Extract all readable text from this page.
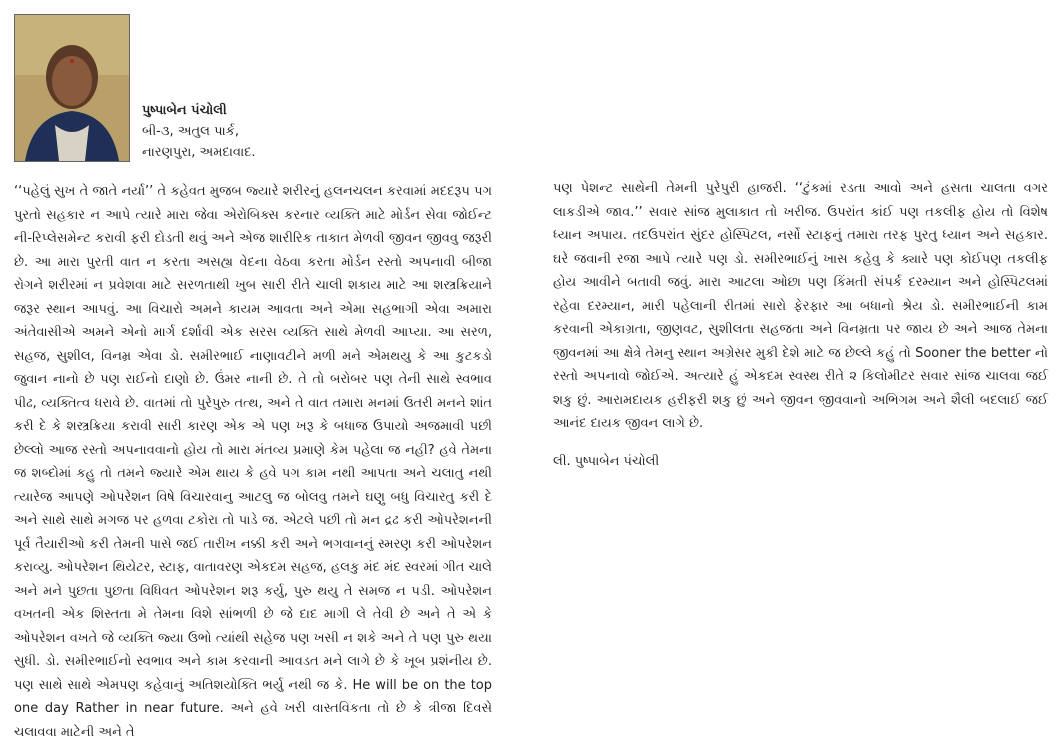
પુષ્પાબેન પંચોલી
બી-૩, અતુલ પાર્ક,
નારણપુરા, અમદાવાદ.

‘‘પહેલું સુખ તે જાતે નર્યા’’ તે કહેવત મુજબ જ્યારે શરીરનું હલનચલન કરવામાં મદદરૂપ પગ પુરતો સહકાર ન આપે ત્યારે મારા જેવા એરોબિક્સ કરનાર વ્યક્તિ માટે મોર્ડન સેવા જોઈન્ટ ની-રિપ્લેસમેન્ટ કરાવી ફરી દોડતી થવું અને એજ શારીરિક તાકાત મેળવી જીવન જીવવુ જરૂરી છે. આ મારા પુરતી વાત ન કરતા અસહ્ય વેદના વેઠવા કરતા મોર્ડન રસ્તો અપનાવી બીજા રોગને શરીરમાં ન પ્રવેશવા માટે સરળતાથી ખુબ સારી રીતે ચાલી શકાય માટે આ શસ્ત્રક્રિયાને જરૂર સ્થાન આપવું. આ વિચારો અમને કાયમ આવતા અને એમા સહભાગી એવા અમારા અંતેવાસીએ અમને એનો માર્ગ દર્શાવી એક સરસ વ્યક્તિ સાથે મેળવી આપ્યા. આ સરળ, સહજ, સુશીલ, વિનમ્ર એવા ડો. સમીરભાઈ નાણાવટીને મળી મને એમથયુ કે આ કુટકડો જુવાન નાનો છે પણ રાઈનો દાણો છે. ઉંમર નાની છે. તે તો બરોબર પણ તેની સાથે સ્વભાવ પીઢ, વ્યક્તિત્વ ધરાવે છે. વાતમાં તો પુરેપુરુ તત્થ, અને તે વાત તમારા મનમાં ઉતરી મનને શાંત કરી દે કે શસ્ત્રક્રિયા કરાવી સારી કારણ એક એ પણ ખરૂ કે બધાજ ઉપાયો અજમાવી પછી છેલ્લો આજ રસ્તો અપનાવવાનો હોય તો મારા મંતવ્ય પ્રમાણે કેમ પહેલા જ નહી? હવે તેમના જ શબ્દોમાં કહુ તો તમને જ્યારે એમ થાય કે હવે પગ કામ નથી આપતા અને ચલાતુ નથી ત્યારેજ આપણે ઓપરેશન વિષે વિચારવાનુ આટલુ જ બોલવુ તમને ઘણુ બધુ વિચારતુ કરી દે અને સાથે સાથે મગજ પર હળવા ટકોરા તો પાડે જ. એટલે પછી તો મન દ્રઢ કરી ઓપરેશનની પૂર્વ તૈયારીઓ કરી તેમની પાસે જઈ તારીખ નક્કી કરી અને ભગવાનનું સ્મરણ કરી ઓપરેશન કરાવ્યુ. ઓપરેશન થિયેટર, સ્ટાફ, વાતાવરણ એકદમ સહજ, હલકુ મંદ મંદ સ્વરમાં ગીત ચાલે અને મને પુછતા પુછતા વિધિવત ઓપરેશન શરૂ કર્યુ, પુરુ થયુ તે સમજ ન પડી. ઓપરેશન વખતની એક શિસ્તતા મે તેમના વિશે સાંભળી છે જે દાદ માગી લે તેવી છે અને તે એ કે ઓપરેશન વખતે જે વ્યક્તિ જ્યા ઉભો ત્યાંથી સહેજ પણ ખસી ન શકે અને તે પણ પુરુ થયા સુધી. ડો. સમીરભાઈનો સ્વભાવ અને કામ કરવાની આવડત મને લાગે છે કે ખૂબ પ્રશંનીય છે. પણ સાથે સાથે એમપણ કહેવાનું અતિશયોક્તિ ભર્યુ નથી જ કે. He will be on the top one day Rather in near future. અને હવે ખરી વાસ્તવિકતા તો છે કે ત્રીજા દિવસે ચલાવવા માટેની અને તે

પણ પેશન્ટ સાથેની તેમની પુરેપુરી હાજરી. ‘‘ટુંકમાં રડતા આવો અને હસતા ચાલતા વગર લાકડીએ જાવ.’’ સવાર સાંજ મુલાકાત તો ખરીજ. ઉપરાંત કાંઈ પણ તકલીફ હોય તો વિશેષ ધ્યાન અપાય. તદઉપરાંત સુંદર હોસ્પિટલ, નર્સો સ્ટાફનું તમારા તરફ પુરતુ ધ્યાન અને સહકાર. ઘરે જવાની રજા આપે ત્યારે પણ ડો. સમીરભાઈનું ખાસ કહેવુ કે ક્યારે પણ કોઈપણ તકલીફ હોય આવીને બતાવી જવું. મારા આટલા ઓછા પણ કિંમતી સંપર્ક દરમ્યાન અને હોસ્પિટલમાં રહેવા દરમ્યાન, મારી પહેલાની રીતમાં સારો ફેરફાર આ બધાનો શ્રેય ડો. સમીરભાઈની કામ કરવાની એકાગ્રતા, જીણવટ, સુશીલતા સહજતા અને વિનમ્રતા પર જાય છે અને આજ તેમના જીવનમાં આ ક્ષેત્રે તેમનુ સ્થાન અગ્રેસર મુકી દેશે માટે જ છેલ્લે કહું તો Sooner the better નો રસ્તો અપનાવો જોઈએ. અત્યારે હું એકદમ સ્વસ્થ રીતે ૨ કિલોમીટર સવાર સાંજ ચાલવા જઈ શકુ છું. આરામદાયક હરીફરી શકુ છું અને જીવન જીવવાનો અભિગમ અને શૈલી બદલાઈ જઈ આનંદ દાયક જીવન લાગે છે.

લી. પુષ્પાબેન પંચોલી
